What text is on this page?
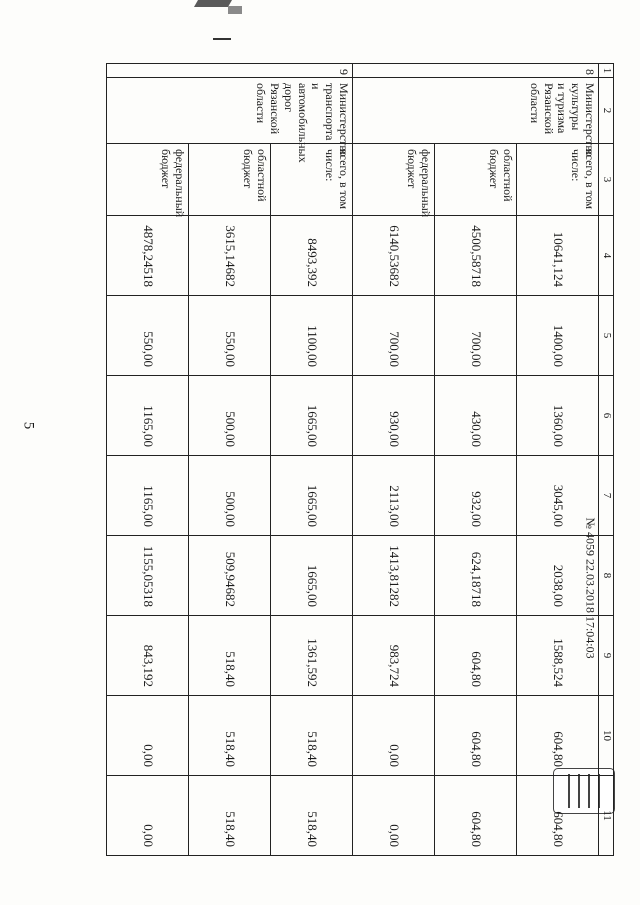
5
№ 4059 22.03.2018 17:04:03
1	2	3	4	5	6	7	8	9	10	11
8	Министерство культуры и туризма Рязанской области	всего, в том числе:	10641,124	1400,00	1360,00	3045,00	2038,00	1588,524	604,80	604,80
		областной бюджет	4500,58718	700,00	430,00	932,00	624,18718	604,80	604,80	604,80
		федеральный бюджет	6140,53682	700,00	930,00	2113,00	1413,81282	983,724	0,00	0,00
9	Министерство транспорта и автомобильных дорог Рязанской области	всего, в том числе:	8493,392	1100,00	1665,00	1665,00	1665,00	1361,592	518,40	518,40
		областной бюджет	3615,14682	550,00	500,00	500,00	509,94682	518,40	518,40	518,40
		федеральный бюджет	4878,24518	550,00	1165,00	1165,00	1155,05318	843,192	0,00	0,00
